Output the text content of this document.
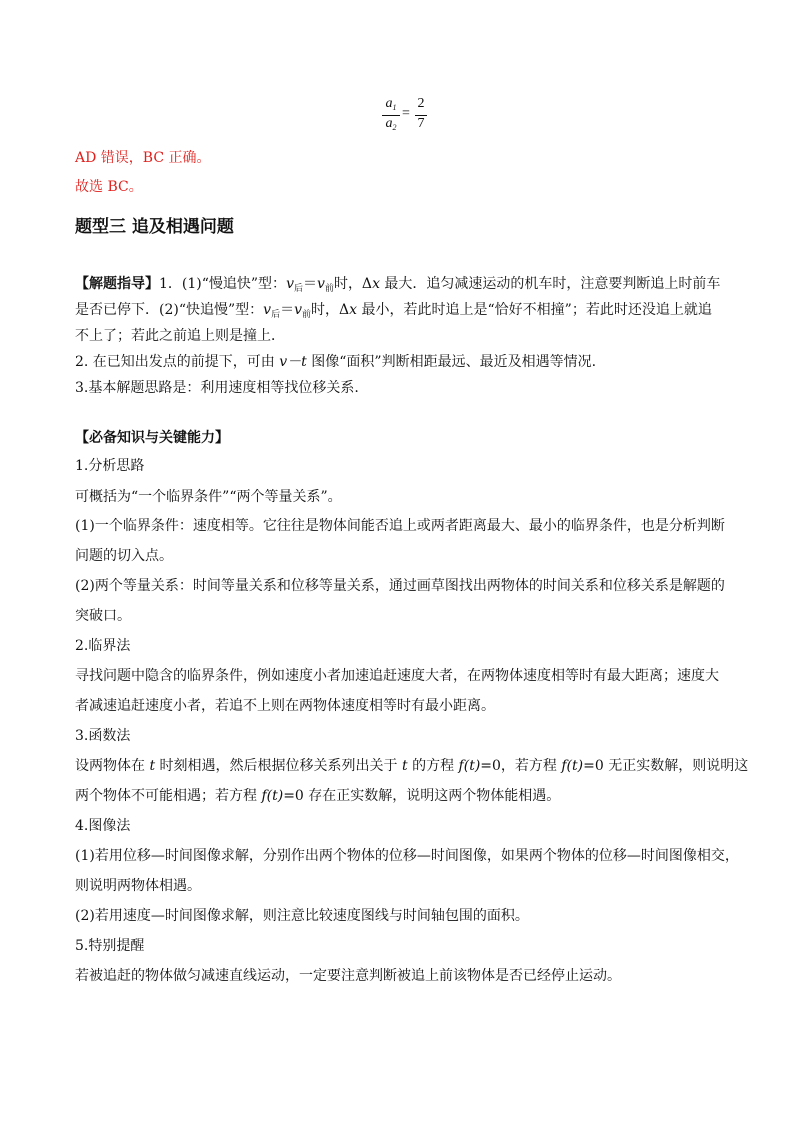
$a_1$
$a_2$
=
2
7
AD 错误，BC 正确。
故选 BC。
题型三 追及相遇问题
【解题指导】1．(1)“慢追快”型：$v_后=v_前$时，Δx 最大．追匀减速运动的机车时，注意要判断追上时前车
是否已停下．(2)“快追慢”型：$v_后=v_前$时，Δx 最小，若此时追上是“恰好不相撞”；若此时还没追上就追
不上了；若此之前追上则是撞上．
2. 在已知出发点的前提下，可由 v－t 图像“面积”判断相距最远、最近及相遇等情况.
3.基本解题思路是：利用速度相等找位移关系.
【必备知识与关键能力】
1.分析思路
可概括为“一个临界条件”“两个等量关系”。
(1)一个临界条件：速度相等。它往往是物体间能否追上或两者距离最大、最小的临界条件，也是分析判断
问题的切入点。
(2)两个等量关系：时间等量关系和位移等量关系，通过画草图找出两物体的时间关系和位移关系是解题的
突破口。
2.临界法
寻找问题中隐含的临界条件，例如速度小者加速追赶速度大者，在两物体速度相等时有最大距离；速度大
者减速追赶速度小者，若追不上则在两物体速度相等时有最小距离。
3.函数法
设两物体在 t 时刻相遇，然后根据位移关系列出关于 t 的方程 f(t)=0，若方程 f(t)=0 无正实数解，则说明这
两个物体不可能相遇；若方程 f(t)=0 存在正实数解，说明这两个物体能相遇。
4.图像法
(1)若用位移—时间图像求解，分别作出两个物体的位移—时间图像，如果两个物体的位移—时间图像相交，
则说明两物体相遇。
(2)若用速度—时间图像求解，则注意比较速度图线与时间轴包围的面积。
5.特别提醒
若被追赶的物体做匀减速直线运动，一定要注意判断被追上前该物体是否已经停止运动。
